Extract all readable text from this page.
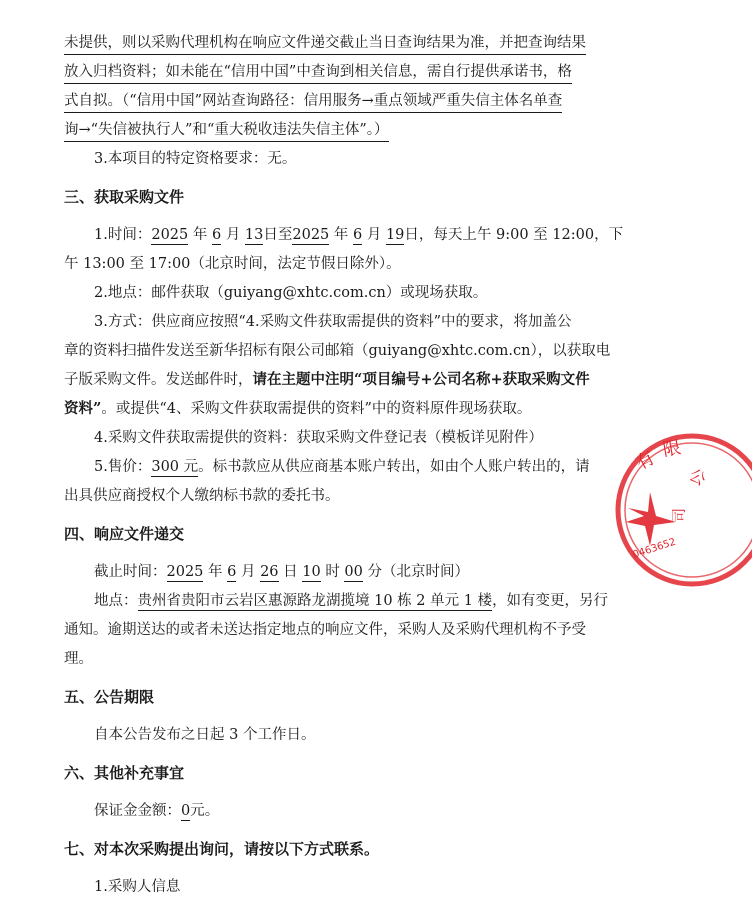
未提供，则以采购代理机构在响应文件递交截止当日查询结果为准，并把查询结果
放入归档资料；如未能在“信用中国”中查询到相关信息，需自行提供承诺书，格
式自拟。（“信用中国”网站查询路径：信用服务→重点领域严重失信主体名单查
询→“失信被执行人”和“重大税收违法失信主体”。）
3.本项目的特定资格要求：无。
三、获取采购文件
1.时间：2025 年 6 月 13日至2025 年 6 月 19日，每天上午 9:00 至 12:00，下
午 13:00 至 17:00（北京时间，法定节假日除外）。
2.地点：邮件获取（guiyang@xhtc.com.cn）或现场获取。
3.方式：供应商应按照“4.采购文件获取需提供的资料”中的要求，将加盖公
章的资料扫描件发送至新华招标有限公司邮箱（guiyang@xhtc.com.cn），以获取电
子版采购文件。发送邮件时，请在主题中注明“项目编号+公司名称+获取采购文件
资料”。或提供“4、采购文件获取需提供的资料”中的资料原件现场获取。
4.采购文件获取需提供的资料：获取采购文件登记表（模板详见附件）
5.售价：300 元。标书款应从供应商基本账户转出，如由个人账户转出的，请
出具供应商授权个人缴纳标书款的委托书。
四、响应文件递交
截止时间：2025 年 6 月 26 日 10 时 00 分（北京时间）
地点：贵州省贵阳市云岩区惠源路龙湖揽境 10 栋 2 单元 1 楼，如有变更，另行
通知。逾期送达的或者未送达指定地点的响应文件，采购人及采购代理机构不予受
理。
五、公告期限
自本公告发布之日起 3 个工作日。
六、其他补充事宜
保证金金额：0元。
七、对本次采购提出询问，请按以下方式联系。
1.采购人信息
有 限
公
司
0463652
